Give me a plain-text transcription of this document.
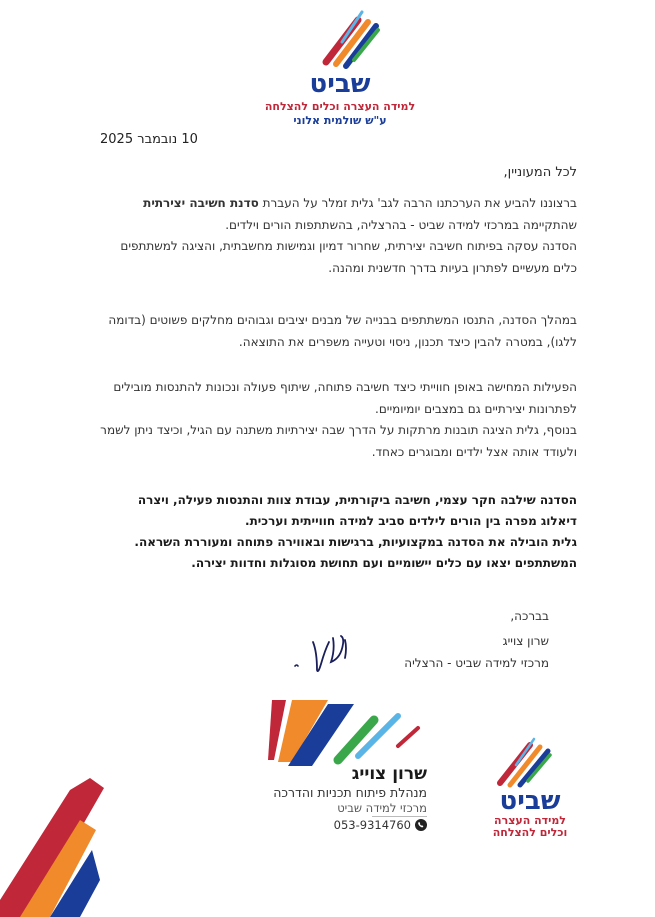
שביט
למידה העצרה וכלים להצלחה
ע"ש שולמית אלוני
10 נובמבר 2025
לכל המעוניין,
ברצוננו להביע את הערכתנו הרבה לגב' גלית זמלר על העברת סדנת חשיבה יצירתית
שהתקיימה במרכזי למידה שביט - בהרצליה, בהשתתפות הורים וילדים.
הסדנה עסקה בפיתוח חשיבה יצירתית, שחרור דמיון וגמישות מחשבתית, והציגה למשתתפים
כלים מעשיים לפתרון בעיות בדרך חדשנית ומהנה.
במהלך הסדנה, התנסו המשתתפים בבנייה של מבנים יציבים וגבוהים מחלקים פשוטים (בדומה
ללגו), במטרה להבין כיצד תכנון, ניסוי וטעייה משפרים את התוצאה.
הפעילות המחישה באופן חווייתי כיצד חשיבה פתוחה, שיתוף פעולה ונכונות להתנסות מובילים
לפתרונות יצירתיים גם במצבים יומיומיים.
בנוסף, גלית הציגה תובנות מרתקות על הדרך שבה יצירתיות משתנה עם הגיל, וכיצד ניתן לשמר
ולעודד אותה אצל ילדים ומבוגרים כאחד.
הסדנה שילבה חקר עצמי, חשיבה ביקורתית, עבודת צוות והתנסות פעילה, ויצרה
דיאלוג מפרה בין הורים לילדים סביב למידה חווייתית וערכית.
גלית הובילה את הסדנה במקצועיות, ברגישות ובאווירה פתוחה ומעוררת השראה.
המשתתפים יצאו עם כלים יישומיים ועם תחושת מסוגלות וחדוות יצירה.
בברכה,
שרון צוייג
מרכזי למידה שביט - הרצליה
שרון צוייג
מנהלת פיתוח תכניות והדרכה
מרכזי למידה שביט
053-9314760
שביט
למידה העצרה
וכלים להצלחה
